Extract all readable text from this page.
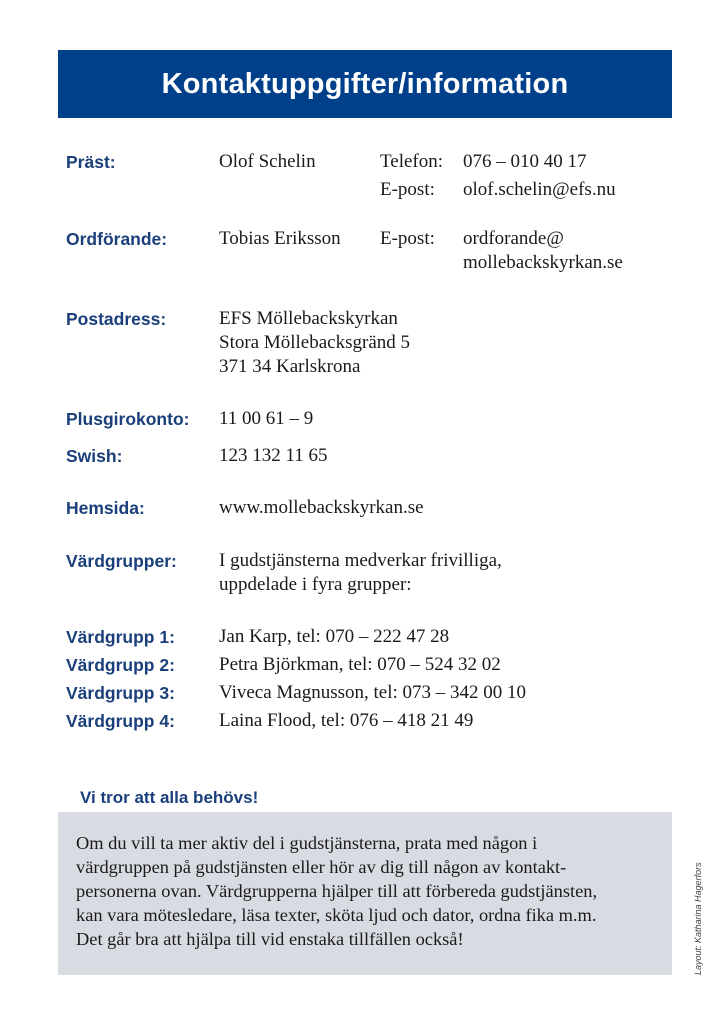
Kontaktuppgifter/information
Präst:	Olof Schelin	Telefon: 076 – 010 40 17
E-post: olof.schelin@efs.nu
Ordförande:	Tobias Eriksson E-post: ordforande@
mollebackskyrkan.se
Postadress:	EFS Möllebackskyrkan
Stora Möllebacksgränd 5
371 34 Karlskrona
Plusgirokonto: 11 00 61 – 9
Swish:	123 132 11 65
Hemsida:	www.mollebackskyrkan.se
Värdgrupper: I gudstjänsterna medverkar frivilliga,
uppdelade i fyra grupper:
Värdgrupp 1: Jan Karp, tel: 070 – 222 47 28
Värdgrupp 2: Petra Björkman, tel: 070 – 524 32 02
Värdgrupp 3: Viveca Magnusson, tel: 073 – 342 00 10
Värdgrupp 4: Laina Flood, tel: 076 – 418 21 49
Vi tror att alla behövs!
Om du vill ta mer aktiv del i gudstjänsterna, prata med någon i
värdgruppen på gudstjänsten eller hör av dig till någon av kontakt-
personerna ovan. Värdgrupperna hjälper till att förbereda gudstjänsten,
kan vara mötesledare, läsa texter, sköta ljud och dator, ordna fika m.m.
Det går bra att hjälpa till vid enstaka tillfällen också!	Layout: Katharina Hagerfors
